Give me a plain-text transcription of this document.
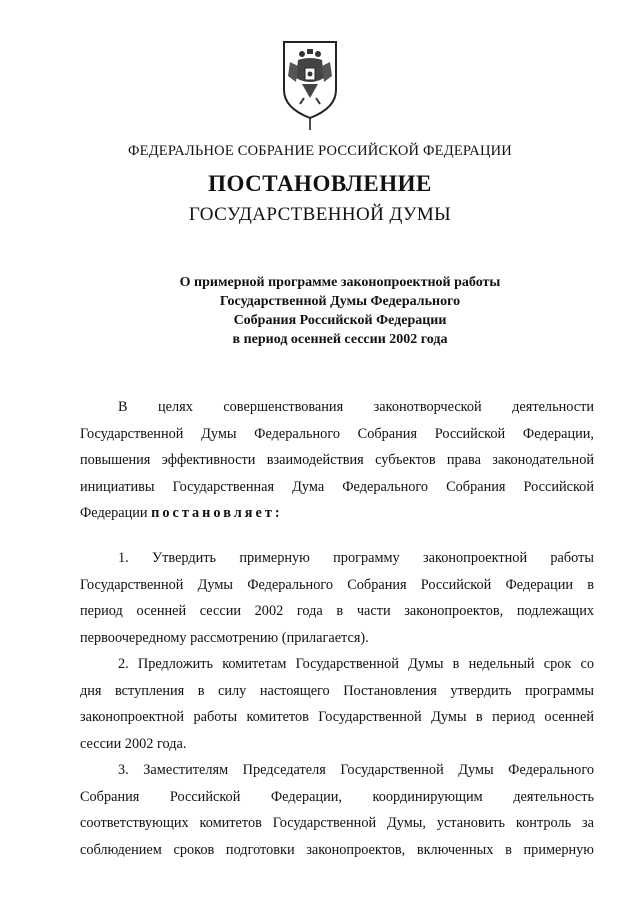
ФЕДЕРАЛЬНОЕ СОБРАНИЕ РОССИЙСКОЙ ФЕДЕРАЦИИ
ПОСТАНОВЛЕНИЕ
ГОСУДАРСТВЕННОЙ ДУМЫ
О примерной программе законопроектной работы
Государственной Думы Федерального
Собрания Российской Федерации
в период осенней сессии 2002 года
В целях совершенствования законотворческой деятельности
Государственной Думы Федерального Собрания Российской Федерации,
повышения эффективности взаимодействия субъектов права законодательной
инициативы Государственная Дума Федерального Собрания Российской
Федерации постановляет:
1. Утвердить примерную программу законопроектной работы
Государственной Думы Федерального Собрания Российской Федерации в
период осенней сессии 2002 года в части законопроектов, подлежащих
первоочередному рассмотрению (прилагается).
2. Предложить комитетам Государственной Думы в недельный срок со
дня вступления в силу настоящего Постановления утвердить программы
законопроектной работы комитетов Государственной Думы в период осенней
сессии 2002 года.
3. Заместителям Председателя Государственной Думы Федерального
Собрания Российской Федерации, координирующим деятельность
соответствующих комитетов Государственной Думы, установить контроль за
соблюдением сроков подготовки законопроектов, включенных в примерную
